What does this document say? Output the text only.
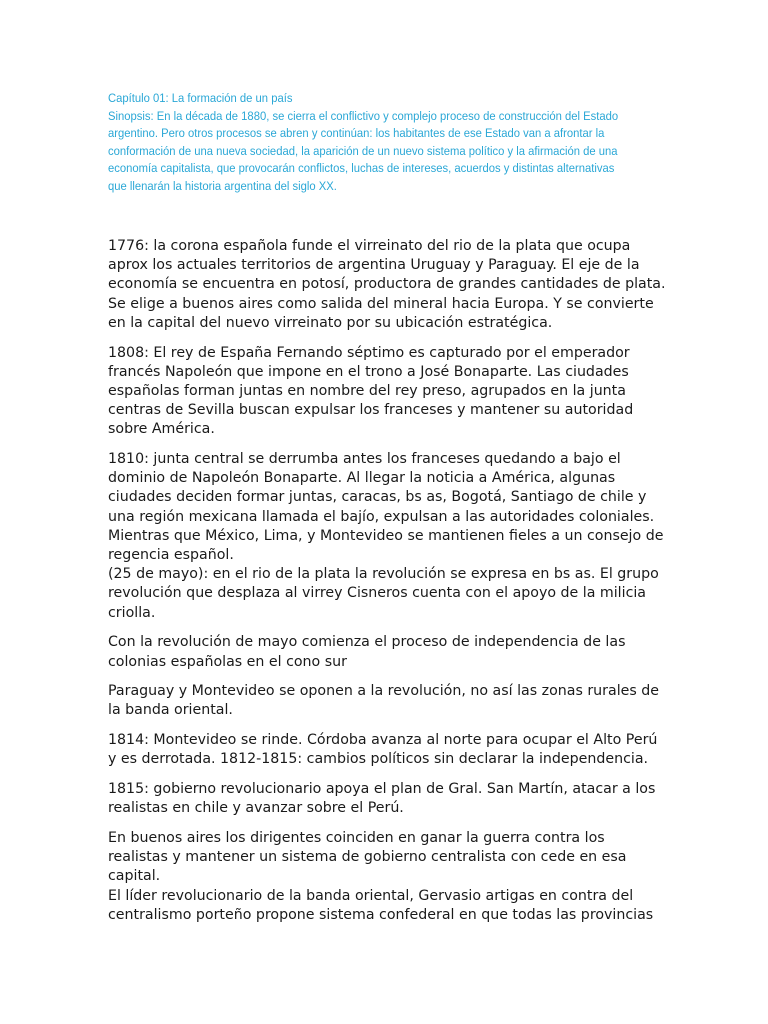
Capítulo 01: La formación de un país

Sinopsis: En la década de 1880, se cierra el conflictivo y complejo proceso de construcción del Estado argentino. Pero otros procesos se abren y continúan: los habitantes de ese Estado van a afrontar la conformación de una nueva sociedad, la aparición de un nuevo sistema político y la afirmación de una economía capitalista, que provocarán conflictos, luchas de intereses, acuerdos y distintas alternativas que llenarán la historia argentina del siglo XX.

1776: la corona española funde el virreinato del rio de la plata que ocupa aprox los actuales territorios de argentina Uruguay y Paraguay. El eje de la economía se encuentra en potosí, productora de grandes cantidades de plata. Se elige a buenos aires como salida del mineral hacia Europa. Y se convierte en la capital del nuevo virreinato por su ubicación estratégica.

1808: El rey de España Fernando séptimo es capturado por el emperador francés Napoleón que impone en el trono a José Bonaparte. Las ciudades españolas forman juntas en nombre del rey preso, agrupados en la junta centras de Sevilla buscan expulsar los franceses y mantener su autoridad sobre América.

1810: junta central se derrumba antes los franceses quedando a bajo el dominio de Napoleón Bonaparte. Al llegar la noticia a América, algunas ciudades deciden formar juntas, caracas, bs as, Bogotá, Santiago de chile y una región mexicana llamada el bajío, expulsan a las autoridades coloniales. Mientras que México, Lima, y Montevideo se mantienen fieles a un consejo de regencia español.
(25 de mayo): en el rio de la plata la revolución se expresa en bs as. El grupo revolución que desplaza al virrey Cisneros cuenta con el apoyo de la milicia criolla.

Con la revolución de mayo comienza el proceso de independencia de las colonias españolas en el cono sur

Paraguay y Montevideo se oponen a la revolución, no así las zonas rurales de la banda oriental.

1814: Montevideo se rinde. Córdoba avanza al norte para ocupar el Alto Perú y es derrotada. 1812-1815: cambios políticos sin declarar la independencia.

1815: gobierno revolucionario apoya el plan de Gral. San Martín, atacar a los realistas en chile y avanzar sobre el Perú.

En buenos aires los dirigentes coinciden en ganar la guerra contra los realistas y mantener un sistema de gobierno centralista con cede en esa capital.
El líder revolucionario de la banda oriental, Gervasio artigas en contra del centralismo porteño propone sistema confederal en que todas las provincias
